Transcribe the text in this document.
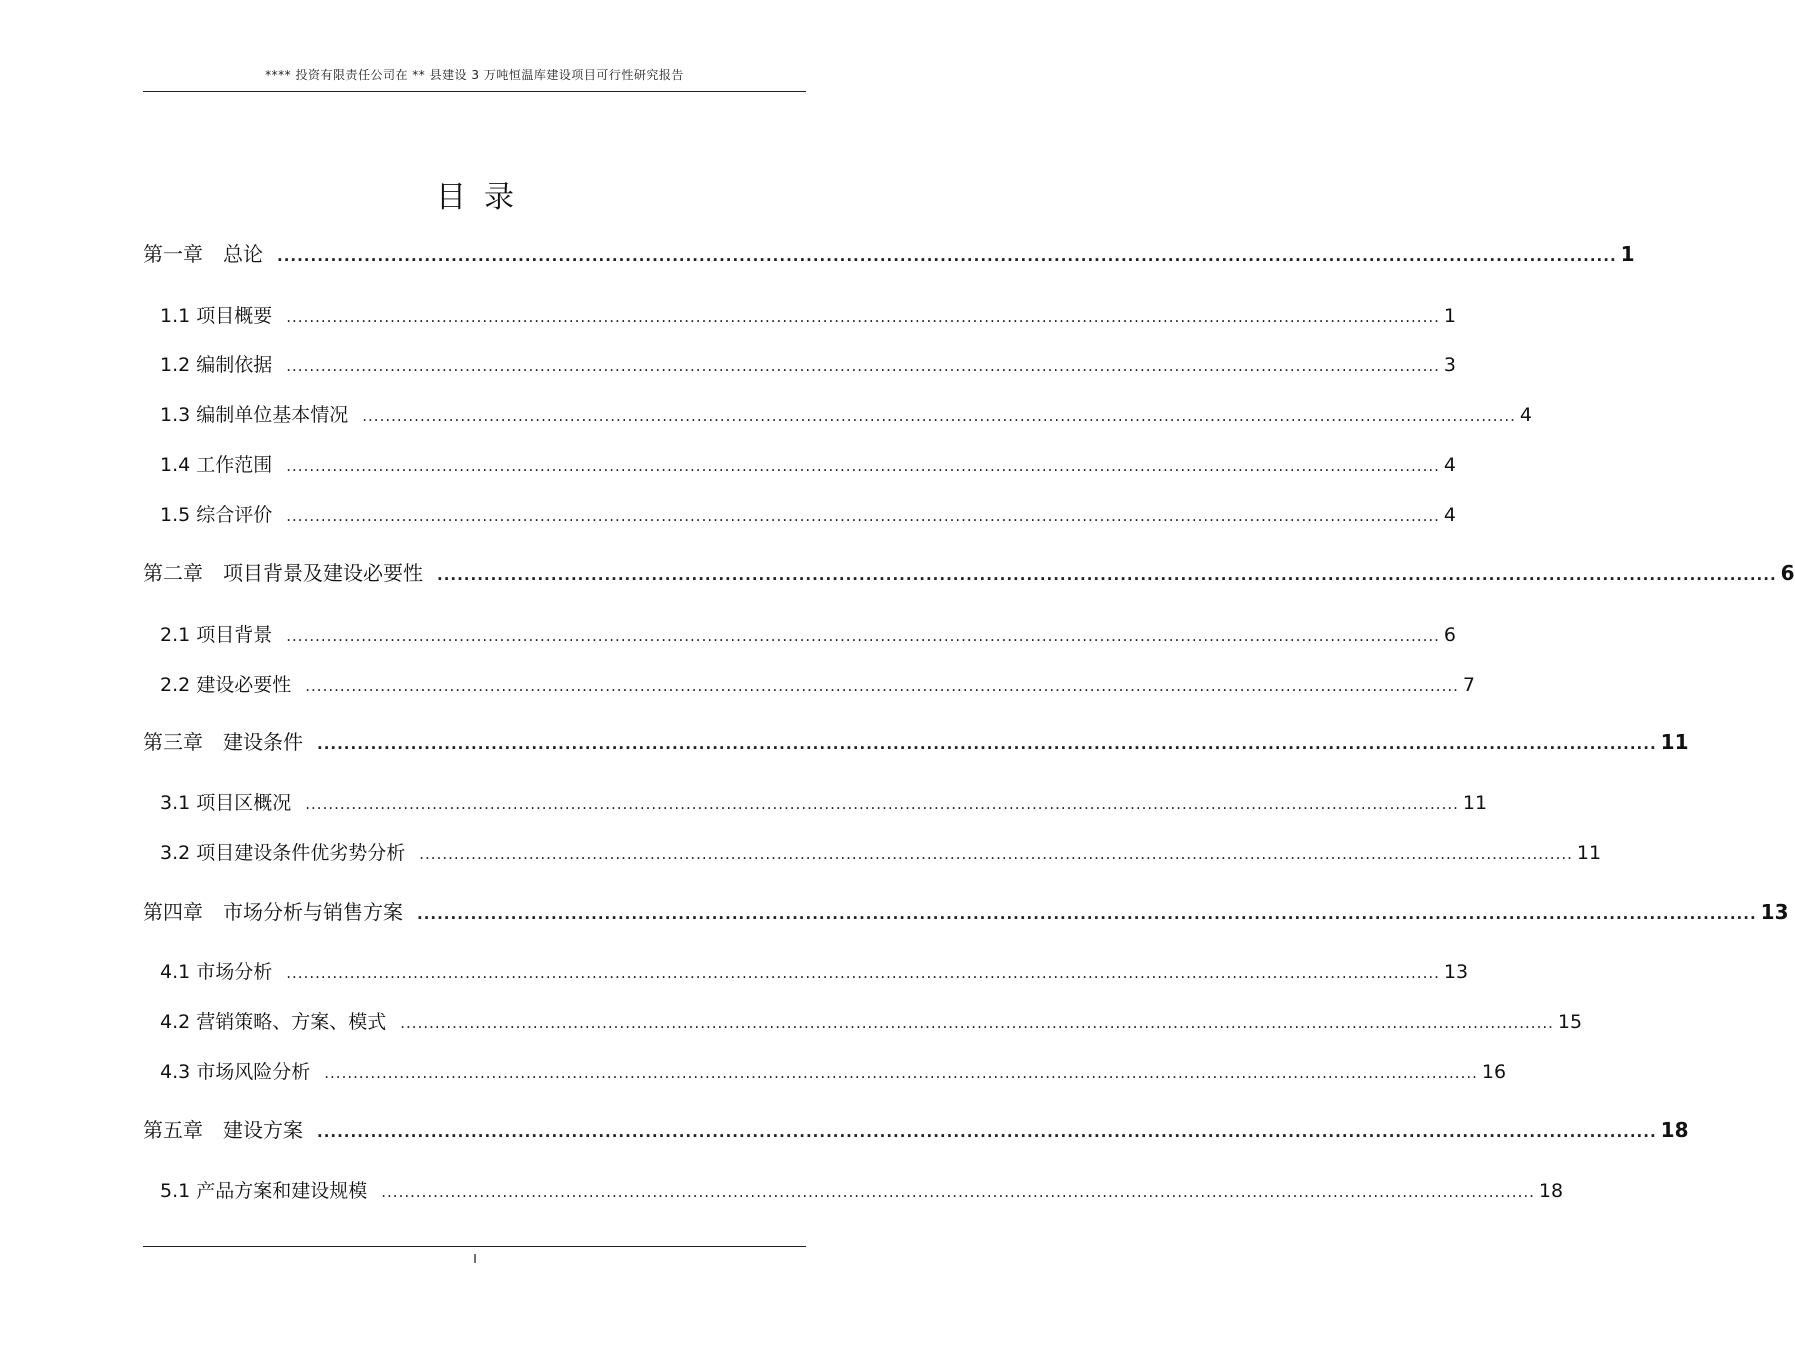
**** 投资有限责任公司在 ** 县建设 3 万吨恒温库建设项目可行性研究报告
目录
第一章　总论 ........................................................................................................................................................................................................ 1
1.1 项目概要 ........................................................................................................................................................................................................ 1
1.2 编制依据 ........................................................................................................................................................................................................ 3
1.3 编制单位基本情况 ........................................................................................................................................................................................................ 4
1.4 工作范围 ........................................................................................................................................................................................................ 4
1.5 综合评价 ........................................................................................................................................................................................................ 4
第二章　项目背景及建设必要性 ........................................................................................................................................................................................................ 6
2.1 项目背景 ........................................................................................................................................................................................................ 6
2.2 建设必要性 ........................................................................................................................................................................................................ 7
第三章　建设条件 ........................................................................................................................................................................................................ 11
3.1 项目区概况 ........................................................................................................................................................................................................ 11
3.2 项目建设条件优劣势分析 ........................................................................................................................................................................................................ 11
第四章　市场分析与销售方案 ........................................................................................................................................................................................................ 13
4.1 市场分析 ........................................................................................................................................................................................................ 13
4.2 营销策略、方案、模式 ........................................................................................................................................................................................................ 15
4.3 市场风险分析 ........................................................................................................................................................................................................ 16
第五章　建设方案 ........................................................................................................................................................................................................ 18
5.1 产品方案和建设规模 ........................................................................................................................................................................................................ 18
I
